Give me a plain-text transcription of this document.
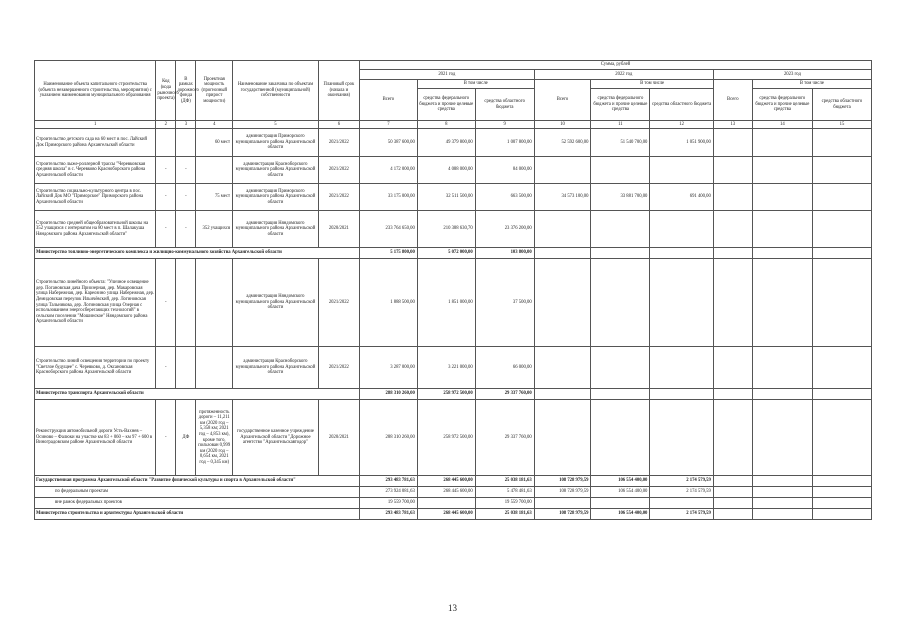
Наименование объекта капитального строительства (объекта незавершенного строительства, мероприятия) с указанием наименования муниципального образования	Код (кода рыночного проекта)	В рамках дорожного фонда (ДФ)	Проектная мощность (прогнозный прирост мощности)	Наименование заказчика по объектам государственной (муниципальной) собственности	Плановый срок (начала и окончания)	Сумма, рублей								
						2021 год			2022 год			2023 год		
						Всего	В том числе		Всего	В том числе		Всего	В том числе	
							средства федерального бюджета и прочие целевые средства	средства областного бюджета		средства федерального бюджета и прочие целевые средства	средства областного бюджета		средства федерального бюджета и прочие целевые средства	средства областного бюджета
1	2	3	4	5	6	7	8	9	10	11	12	13	14	15
Строительство детского сада на 60 мест в пос. Лайский Док Приморского района Архангельской области			60 мест	администрация Приморского муниципального района Архангельской области	2021/2022	50 387 600,00	49 379 800,00	1 007 800,00	52 592 600,00	51 540 700,00	1 051 900,00			
Строительство лыже-роллерной трассы "Черевковская средняя школа" в с. Черевково Красноборского района Архангельской области	-	-		администрация Красноборского муниципального района Архангельской области	2021/2022	4 172 000,00	4 088 000,00	84 000,00						
Строительство социально-культурного центра в пос. Лайский Док МО "Приморское" Приморского района Архангельской области	-	-	75 мест	администрация Приморского муниципального района Архангельской области	2021/2022	33 175 000,00	32 511 500,00	663 500,00	34 573 100,00	33 881 700,00	691 400,00			
Строительство средней общеобразовательной школы на 352 учащихся с интернатом на 80 мест в п. Шалакуша Няндомского района Архангельской области"	-	-	352 учащихся	администрация Няндомского муниципального района Архангельской области	2020/2021	233 764 650,00	210 388 630,70	23 376 200,00						
Министерство топливно-энергетического комплекса и жилищно-коммунального хозяйства Архангельской области						5 175 800,00	5 072 000,00	103 800,00						
Строительство линейного объекта: "Уличное освещение дер. Погановская дача Приозерная, дер. Макаровская улица Набережная, дер. Кареозино улица Набережная, дер. Демидовская переулок Ильичёвский, дер. Логиновская улица Тальникова, дер. Логиновская улица Озерная с использованием энергосберегающих технологий" в сельском поселении "Мошинское" Няндомского района Архангельской области	-			администрация Няндомского муниципального района Архангельской области	2021/2022	1 888 500,00	1 851 000,00	37 500,00						
Строительство линий освещения территории по проекту "Светлое будущее" с. Черевково, д. Оксановская Красноборского района Архангельской области	-			администрация Красноборского муниципального района Архангельской области	2021/2022	3 287 000,00	3 221 000,00	66 000,00						
Министерство транспорта Архангельской области						288 310 260,00	258 972 500,00	29 337 760,00						
Реконструкция автомобильной дороги Усть-Вахнев – Осиново – Фалюки на участке км 83 + 060 – км 97 + 600 в Виноградовском районе Архангельской области	-	ДФ	протяженность дороги – 11,211 км (2020 год – 5,358 км; 2021 год – 4,853 км), кроме того, пользован 0,999 км (2020 год – 0,654 км, 2021 год – 0,345 км)	государственное казенное учреждение Архангельской области "Дорожное агентство "Архангельскавтодор"	2020/2021	288 310 260,00	258 972 500,00	29 337 760,00						
Государственная программа Архангельской области "Развитие физической культуры и спорта в Архангельской области"						293 483 781,63	268 445 600,00	25 038 181,63	108 728 979,59	106 554 400,00	2 174 579,59			
по федеральным проектам						273 924 081,63	268 445 600,00	5 478 481,63	108 728 979,59	106 554 400,00	2 174 579,59			
вне рамок федеральных проектов						19 559 700,00		19 559 700,00						
Министерство строительства и архитектуры Архангельской области						293 483 781,63	268 445 600,00	25 038 181,63	108 728 979,59	106 554 400,00	2 174 579,59			
13
